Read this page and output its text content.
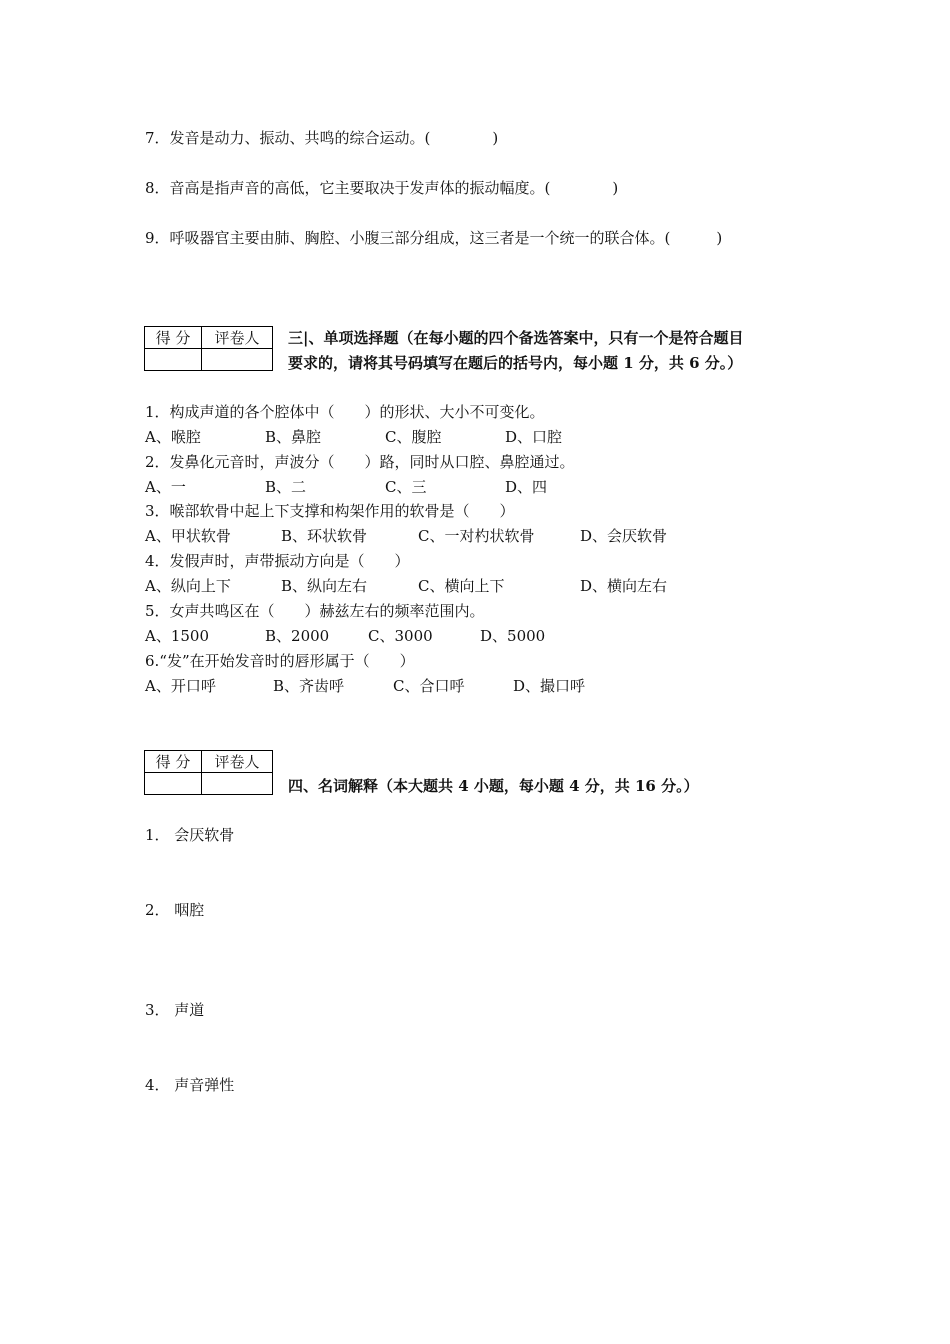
7．发音是动力、振动、共鸣的综合运动。(	)
8．音高是指声音的高低，它主要取决于发声体的振动幅度。(	)
9．呼吸器官主要由肺、胸腔、小腹三部分组成，这三者是一个统一的联合体。(	)
得 分	评卷人
	三|、单项选择题（在每小题的四个备选答案中，只有一个是符合题目
要求的，请将其号码填写在题后的括号内，每小题 1 分，共 6 分。）
1．构成声道的各个腔体中（　　）的形状、大小不可变化。
A、喉腔	B、鼻腔	C、腹腔	D、口腔
2．发鼻化元音时，声波分（　　）路，同时从口腔、鼻腔通过。
A、一	B、二	C、三	D、四
3．喉部软骨中起上下支撑和构架作用的软骨是（　　）
A、甲状软骨	B、环状软骨	C、一对杓状软骨	D、会厌软骨
4．发假声时，声带振动方向是（　　）
A、纵向上下	B、纵向左右	C、横向上下	D、横向左右
5．女声共鸣区在（　　）赫兹左右的频率范围内。
A、1500	B、2000	C、3000	D、5000
6.“发”在开始发音时的唇形属于（　　）
A、开口呼	B、齐齿呼	C、合口呼	D、撮口呼
得 分	评卷人

四、名词解释（本大题共 4 小题，每小题 4 分，共 16 分。）
1． 会厌软骨
2． 咽腔
3． 声道
4． 声音弹性
